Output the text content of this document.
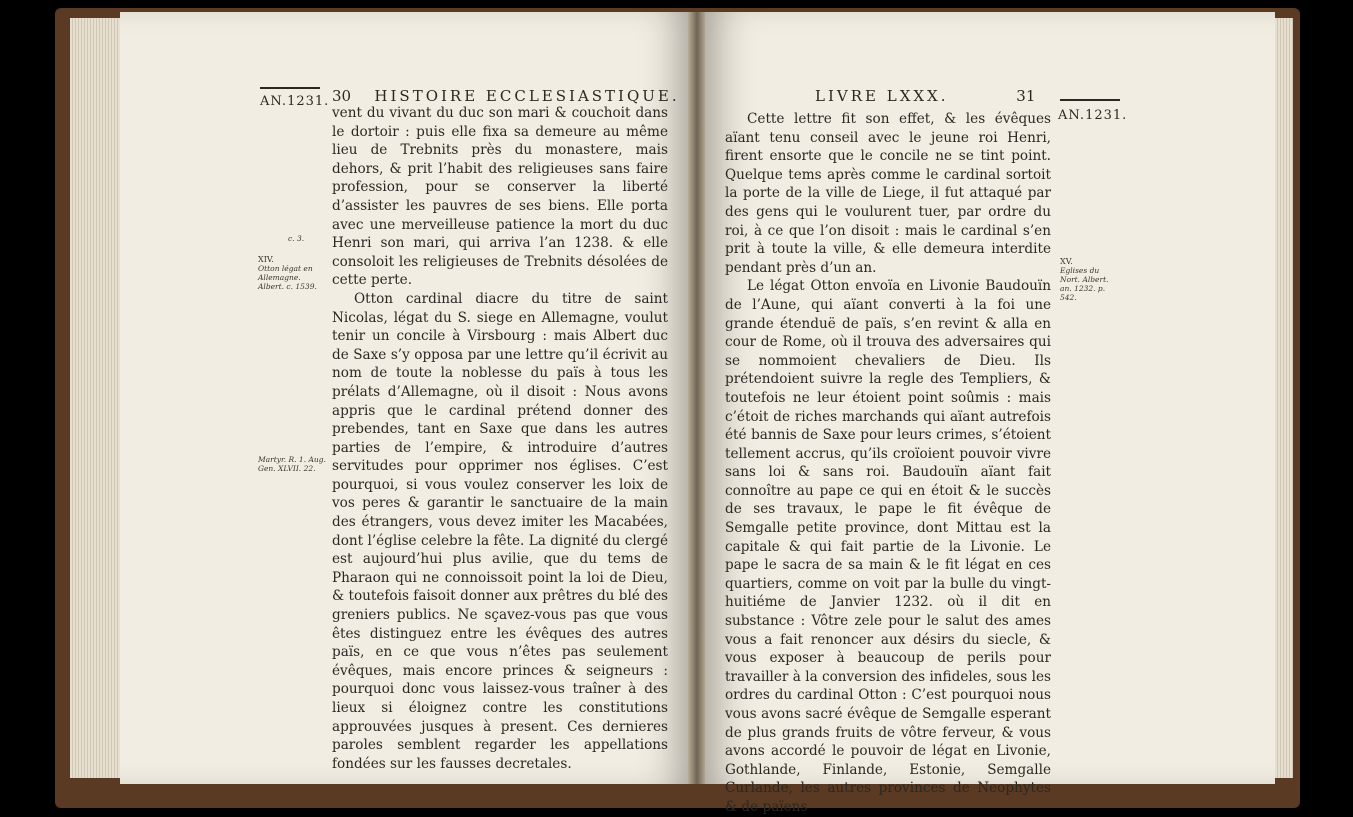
AN.1231. 30 HISTOIRE ECCLESIASTIQUE.
c. 3.
XIV.
Otton légat en Allemagne. Albert. c. 1539.
Martyr. R. 1. Aug. Gen. XLVII. 22.

vent du vivant du duc son mari & couchoit dans le dortoir : puis elle fixa sa demeure au même lieu de Trebnits près du monastere, mais dehors, & prit l’habit des religieuses sans faire profession, pour se conserver la liberté d’assister les pauvres de ses biens. Elle porta avec une merveilleuse patience la mort du duc Henri son mari, qui arriva l’an 1238. & elle consoloit les religieuses de Trebnits désolées de cette perte.

Otton cardinal diacre du titre de saint Nicolas, légat du S. siege en Allemagne, voulut tenir un concile à Virsbourg : mais Albert duc de Saxe s’y opposa par une lettre qu’il écrivit au nom de toute la noblesse du païs à tous les prélats d’Allemagne, où il disoit : Nous avons appris que le cardinal prétend donner des prebendes, tant en Saxe que dans les autres parties de l’empire, & introduire d’autres servitudes pour opprimer nos églises. C’est pourquoi, si vous voulez conserver les loix de vos peres & garantir le sanctuaire de la main des étrangers, vous devez imiter les Macabées, dont l’église celebre la fête. La dignité du clergé est aujourd’hui plus avilie, que du tems de Pharaon qui ne connoissoit point la loi de Dieu, & toutefois faisoit donner aux prêtres du blé des greniers publics. Ne sçavez-vous pas que vous êtes distinguez entre les évêques des autres païs, en ce que vous n’êtes pas seulement évêques, mais encore princes & seigneurs : pourquoi donc vous laissez-vous traîner à des lieux si éloignez contre les constitutions approuvées jusques à present. Ces dernieres paroles semblent regarder les appellations fondées sur les fausses decretales.

LIVRE LXXX.	31
AN.1231.
XV.
Eglises du Nort. Albert. an. 1232. p. 542.

Cette lettre fit son effet, & les évêques aïant tenu conseil avec le jeune roi Henri, firent ensorte que le concile ne se tint point. Quelque tems après comme le cardinal sortoit la porte de la ville de Liege, il fut attaqué par des gens qui le voulurent tuer, par ordre du roi, à ce que l’on disoit : mais le cardinal s’en prit à toute la ville, & elle demeura interdite pendant près d’un an.

Le légat Otton envoïa en Livonie Baudouïn de l’Aune, qui aïant converti à la foi une grande étenduë de païs, s’en revint & alla en cour de Rome, où il trouva des adversaires qui se nommoient chevaliers de Dieu. Ils prétendoient suivre la regle des Templiers, & toutefois ne leur étoient point soûmis : mais c’étoit de riches marchands qui aïant autrefois été bannis de Saxe pour leurs crimes, s’étoient tellement accrus, qu’ils croïoient pouvoir vivre sans loi & sans roi. Baudouïn aïant fait connoître au pape ce qui en étoit & le succès de ses travaux, le pape le fit évêque de Semgalle petite province, dont Mittau est la capitale & qui fait partie de la Livonie. Le pape le sacra de sa main & le fit légat en ces quartiers, comme on voit par la bulle du vingt-huitiéme de Janvier 1232. où il dit en substance : Vôtre zele pour le salut des ames vous a fait renoncer aux désirs du siecle, & vous exposer à beaucoup de perils pour travailler à la conversion des infideles, sous les ordres du cardinal Otton : C’est pourquoi nous vous avons sacré évêque de Semgalle esperant de plus grands fruits de vôtre ferveur, & vous avons accordé le pouvoir de légat en Livonie, Gothlande, Finlande, Estonie, Semgalle Curlande, les autres provinces de Neophytes & de païens
